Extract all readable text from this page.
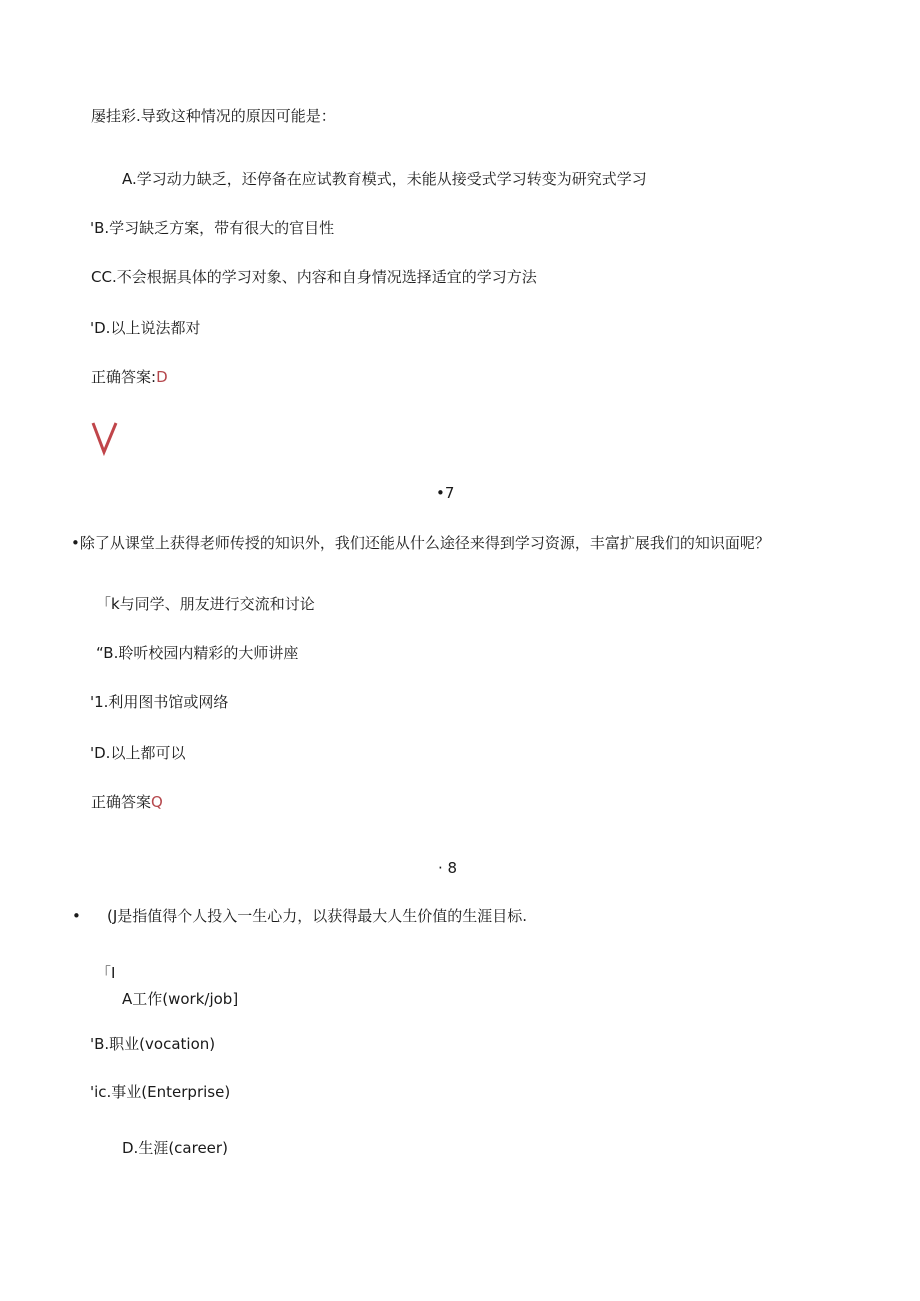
屡挂彩.导致这种情况的原因可能是：
A.学习动力缺乏，还停备在应试教育模式，未能从接受式学习转变为研究式学习
'B.学习缺乏方案，带有很大的官目性
CC.不会根据具体的学习对象、内容和自身情况选择适宜的学习方法
'D.以上说法都对
正确答案:D
•7
•除了从课堂上获得老师传授的知识外，我们还能从什么途径来得到学习资源，丰富扩展我们的知识面呢？
「k与同学、朋友进行交流和讨论
“B.聆听校园内精彩的大师讲座
'1.利用图书馆或网络
'D.以上都可以
正确答案Q
· 8
• (J是指值得个人投入一生心力，以获得最大人生价值的生涯目标.
「I
A工作(work/job]
'B.职业(vocation)
'ic.事业(Enterprise)
D.生涯(career)
